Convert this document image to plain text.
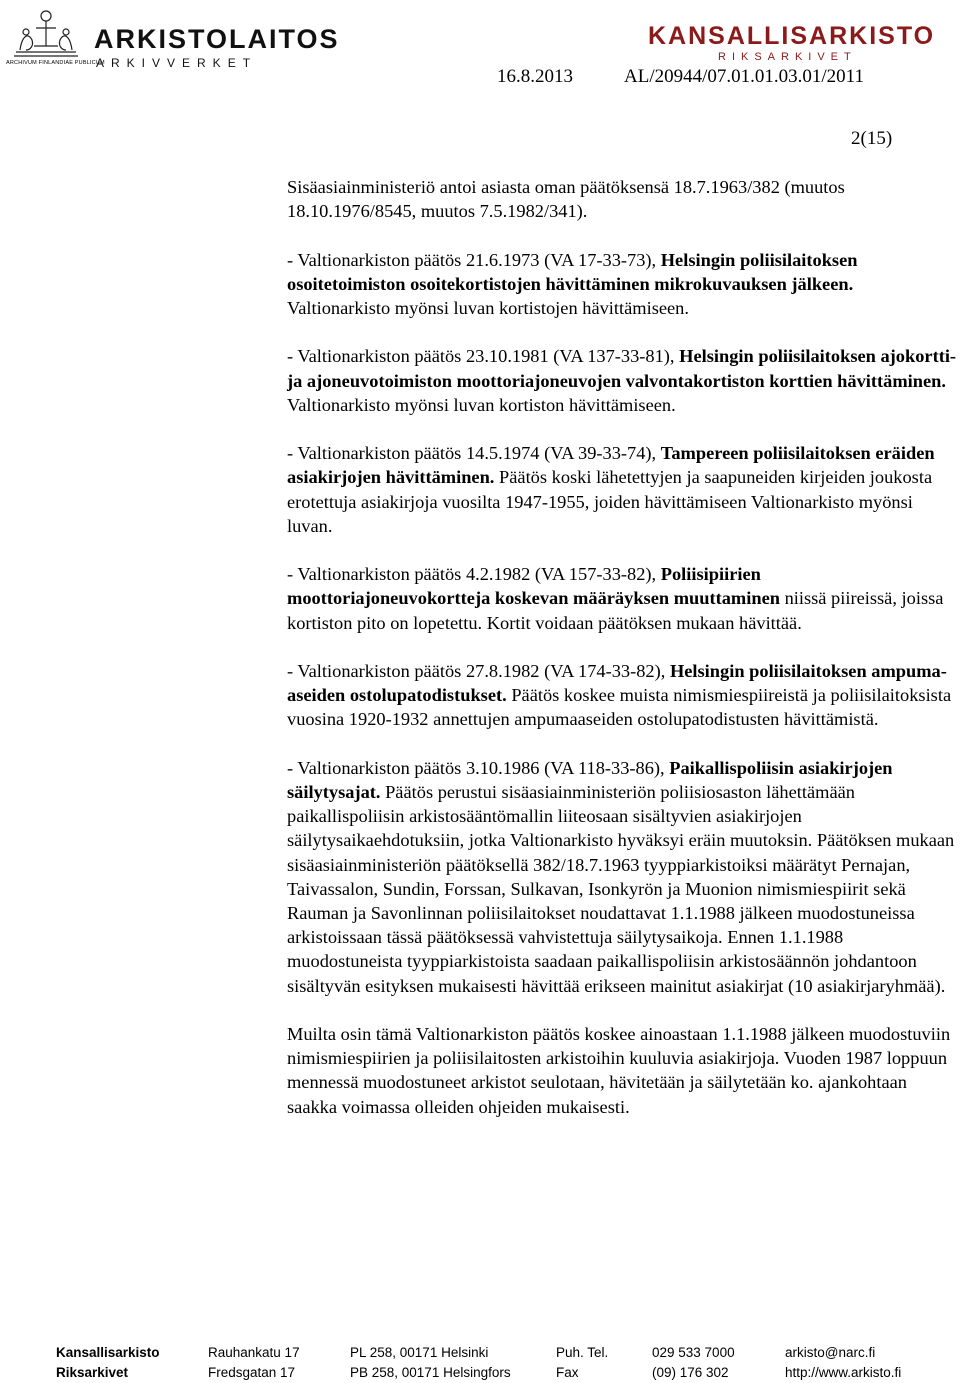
ARCHIVUM FINLANDIAE PUBLICUM
ARKISTOLAITOS
ARKIVVERKET
KANSALLISARKISTO
RIKSARKIVET
16.8.2013	AL/20944/07.01.01.03.01/2011
2(15)

Sisäasiainministeriö antoi asiasta oman päätöksensä 18.7.1963/382 (muutos 18.10.1976/8545, muutos 7.5.1982/341).

- Valtionarkiston päätös 21.6.1973 (VA 17-33-73), Helsingin poliisilaitoksen osoitetoimiston osoitekortistojen hävittäminen mikrokuvauksen jälkeen. Valtionarkisto myönsi luvan kortistojen hävittämiseen.

- Valtionarkiston päätös 23.10.1981 (VA 137-33-81), Helsingin poliisilaitoksen ajokortti- ja ajoneuvotoimiston moottoriajoneuvojen valvontakortiston korttien hävittäminen. Valtionarkisto myönsi luvan kortiston hävittämiseen.

- Valtionarkiston päätös 14.5.1974 (VA 39-33-74), Tampereen poliisilaitoksen eräiden asiakirjojen hävittäminen. Päätös koski lähetettyjen ja saapuneiden kirjeiden joukosta erotettuja asiakirjoja vuosilta 1947-1955, joiden hävittämiseen Valtionarkisto myönsi luvan.

- Valtionarkiston päätös 4.2.1982 (VA 157-33-82), Poliisipiirien moottoriajoneuvokortteja koskevan määräyksen muuttaminen niissä piireissä, joissa kortiston pito on lopetettu. Kortit voidaan päätöksen mukaan hävittää.

- Valtionarkiston päätös 27.8.1982 (VA 174-33-82), Helsingin poliisilaitoksen ampuma-aseiden ostolupatodistukset. Päätös koskee muista nimismiespiireistä ja poliisilaitoksista vuosina 1920-1932 annettujen ampumaaseiden ostolupatodistusten hävittämistä.

- Valtionarkiston päätös 3.10.1986 (VA 118-33-86), Paikallispoliisin asiakirjojen säilytysajat. Päätös perustui sisäasiainministeriön poliisiosaston lähettämään paikallispoliisin arkistosääntömallin liiteosaan sisältyvien asiakirjojen säilytysaikaehdotuksiin, jotka Valtionarkisto hyväksyi eräin muutoksin. Päätöksen mukaan sisäasiainministeriön päätöksellä 382/18.7.1963 tyyppiarkistoiksi määrätyt Pernajan, Taivassalon, Sundin, Forssan, Sulkavan, Isonkyrön ja Muonion nimismiespiirit sekä Rauman ja Savonlinnan poliisilaitokset noudattavat 1.1.1988 jälkeen muodostuneissa arkistoissaan tässä päätöksessä vahvistettuja säilytysaikoja. Ennen 1.1.1988 muodostuneista tyyppiarkistoista saadaan paikallispoliisin arkistosäännön johdantoon sisältyvän esityksen mukaisesti hävittää erikseen mainitut asiakirjat (10 asiakirjaryhmää).

Muilta osin tämä Valtionarkiston päätös koskee ainoastaan 1.1.1988 jälkeen muodostuviin nimismiespiirien ja poliisilaitosten arkistoihin kuuluvia asiakirjoja. Vuoden 1987 loppuun mennessä muodostuneet arkistot seulotaan, hävitetään ja säilytetään ko. ajankohtaan saakka voimassa olleiden ohjeiden mukaisesti.

Kansallisarkisto	Rauhankatu 17	PL 258, 00171 Helsinki	Puh. Tel.	029 533 7000	arkisto@narc.fi
Riksarkivet	Fredsgatan 17	PB 258, 00171 Helsingfors	Fax	(09) 176 302	http://www.arkisto.fi
